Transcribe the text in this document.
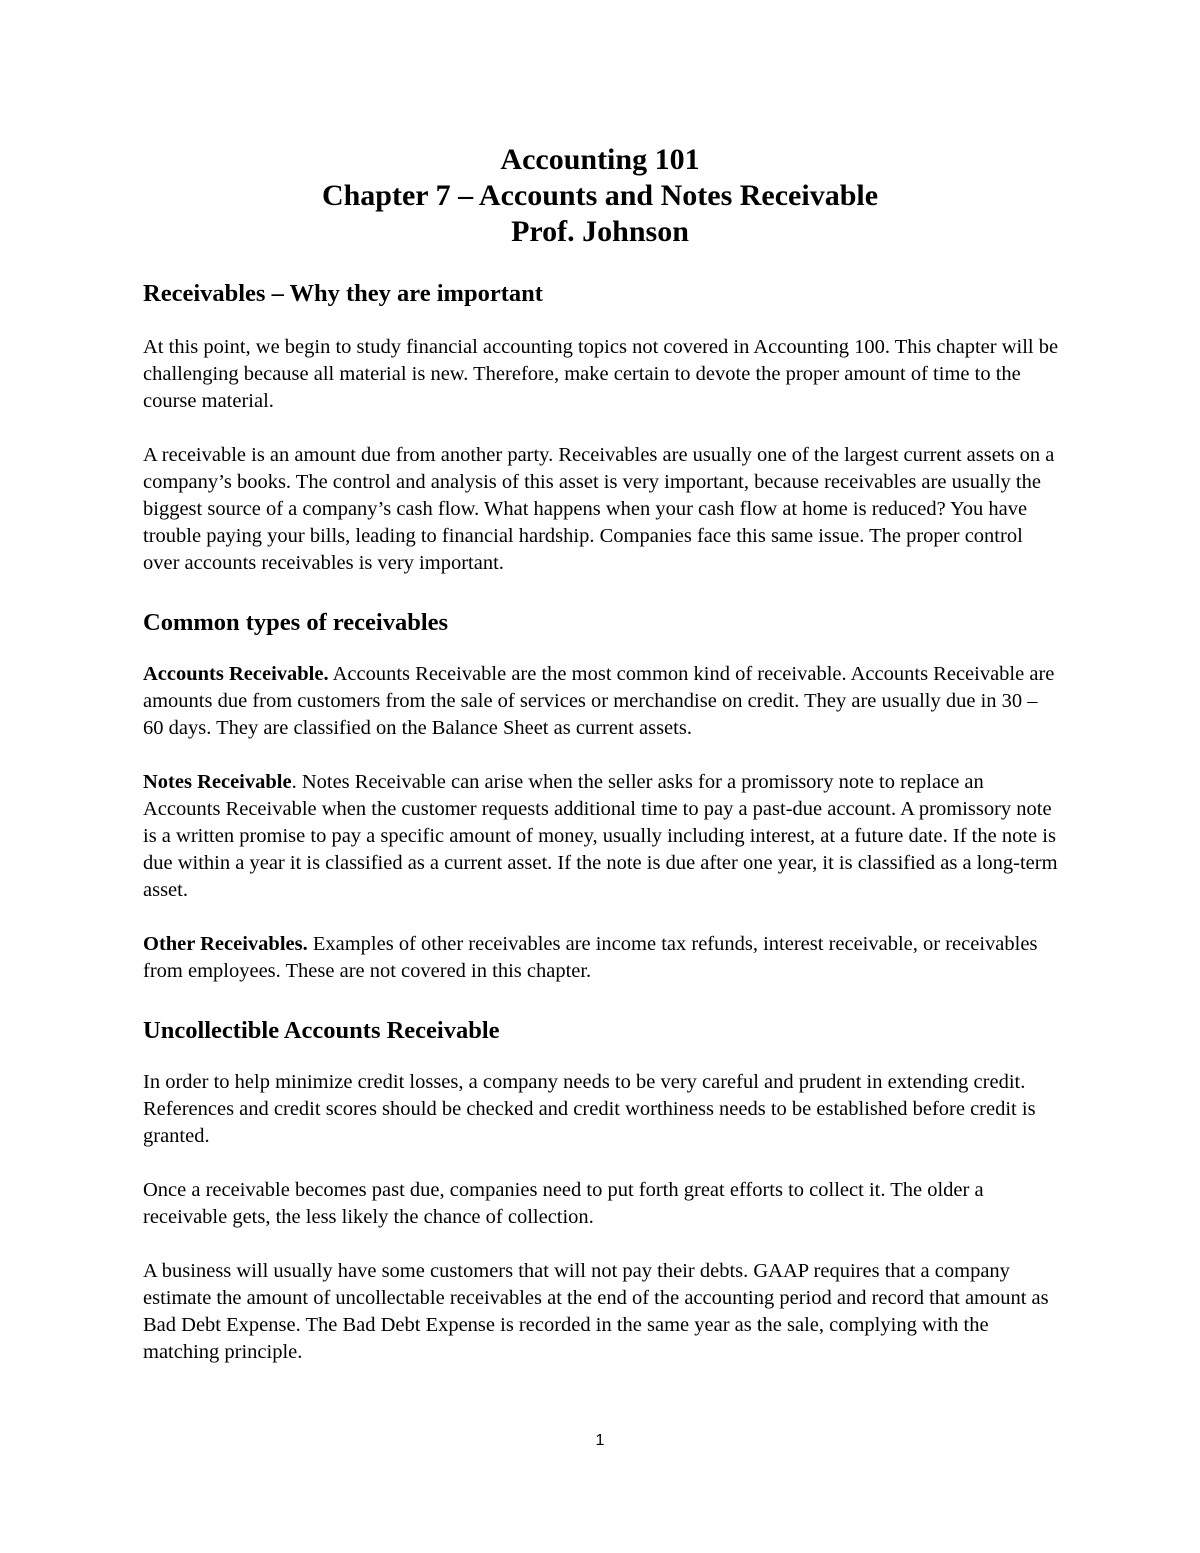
Accounting 101
Chapter 7 – Accounts and Notes Receivable
Prof. Johnson
Receivables – Why they are important

At this point, we begin to study financial accounting topics not covered in Accounting 100. This chapter will be challenging because all material is new. Therefore, make certain to devote the proper amount of time to the course material.

A receivable is an amount due from another party. Receivables are usually one of the largest current assets on a company’s books. The control and analysis of this asset is very important, because receivables are usually the biggest source of a company’s cash flow. What happens when your cash flow at home is reduced? You have trouble paying your bills, leading to financial hardship. Companies face this same issue. The proper control over accounts receivables is very important.

Common types of receivables

Accounts Receivable. Accounts Receivable are the most common kind of receivable. Accounts Receivable are amounts due from customers from the sale of services or merchandise on credit. They are usually due in 30 – 60 days. They are classified on the Balance Sheet as current assets.

Notes Receivable. Notes Receivable can arise when the seller asks for a promissory note to replace an Accounts Receivable when the customer requests additional time to pay a past-due account. A promissory note is a written promise to pay a specific amount of money, usually including interest, at a future date. If the note is due within a year it is classified as a current asset. If the note is due after one year, it is classified as a long-term asset.

Other Receivables. Examples of other receivables are income tax refunds, interest receivable, or receivables from employees. These are not covered in this chapter.

Uncollectible Accounts Receivable

In order to help minimize credit losses, a company needs to be very careful and prudent in extending credit. References and credit scores should be checked and credit worthiness needs to be established before credit is granted.

Once a receivable becomes past due, companies need to put forth great efforts to collect it. The older a receivable gets, the less likely the chance of collection.

A business will usually have some customers that will not pay their debts. GAAP requires that a company estimate the amount of uncollectable receivables at the end of the accounting period and record that amount as Bad Debt Expense. The Bad Debt Expense is recorded in the same year as the sale, complying with the matching principle.

1
